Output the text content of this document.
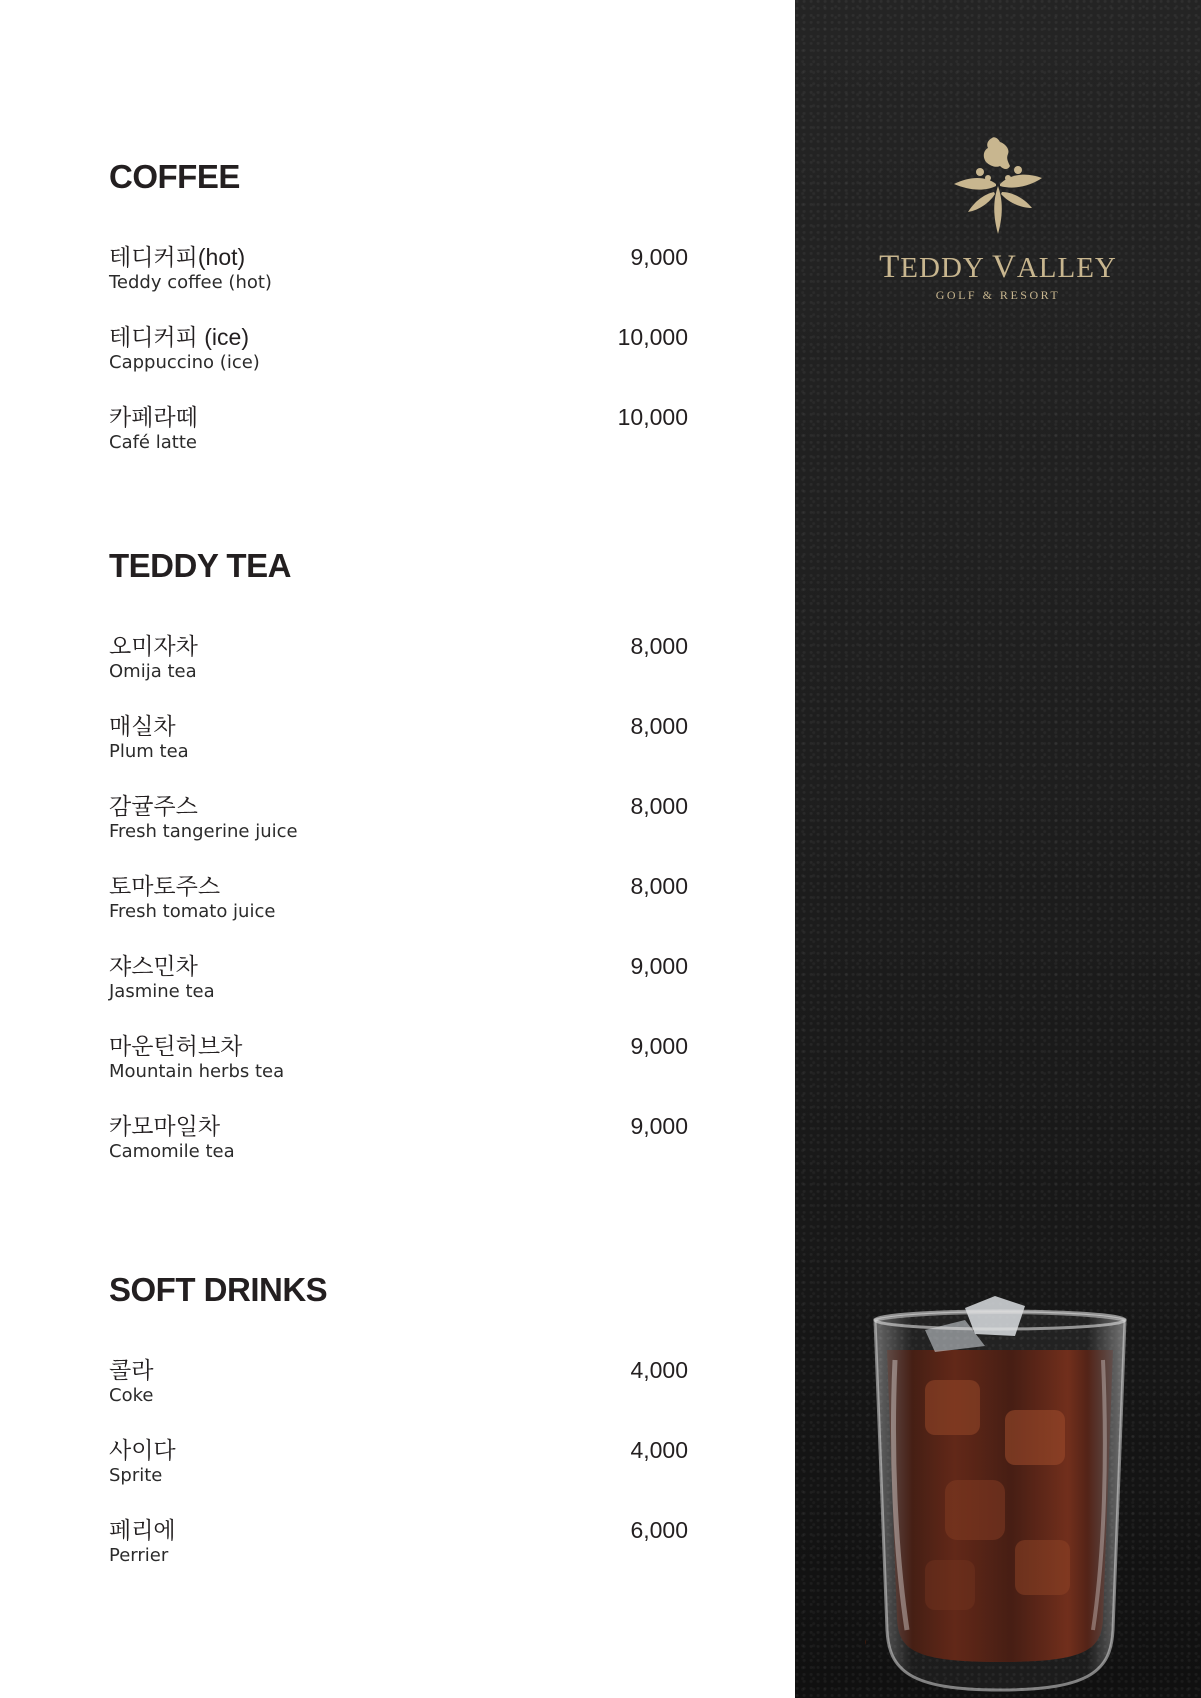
COFFEE
테디커피(hot)
Teddy coffee (hot)
9,000
테디커피 (ice)
Cappuccino (ice)
10,000
카페라떼
Café latte
10,000
TEDDY TEA
오미자차
Omija tea
8,000
매실차
Plum tea
8,000
감귤주스
Fresh tangerine juice
8,000
토마토주스
Fresh tomato juice
8,000
쟈스민차
Jasmine tea
9,000
마운틴허브차
Mountain herbs tea
9,000
카모마일차
Camomile tea
9,000
SOFT DRINKS
콜라
Coke
4,000
사이다
Sprite
4,000
페리에
Perrier
6,000
TEDDY VALLEY
GOLF & RESORT
